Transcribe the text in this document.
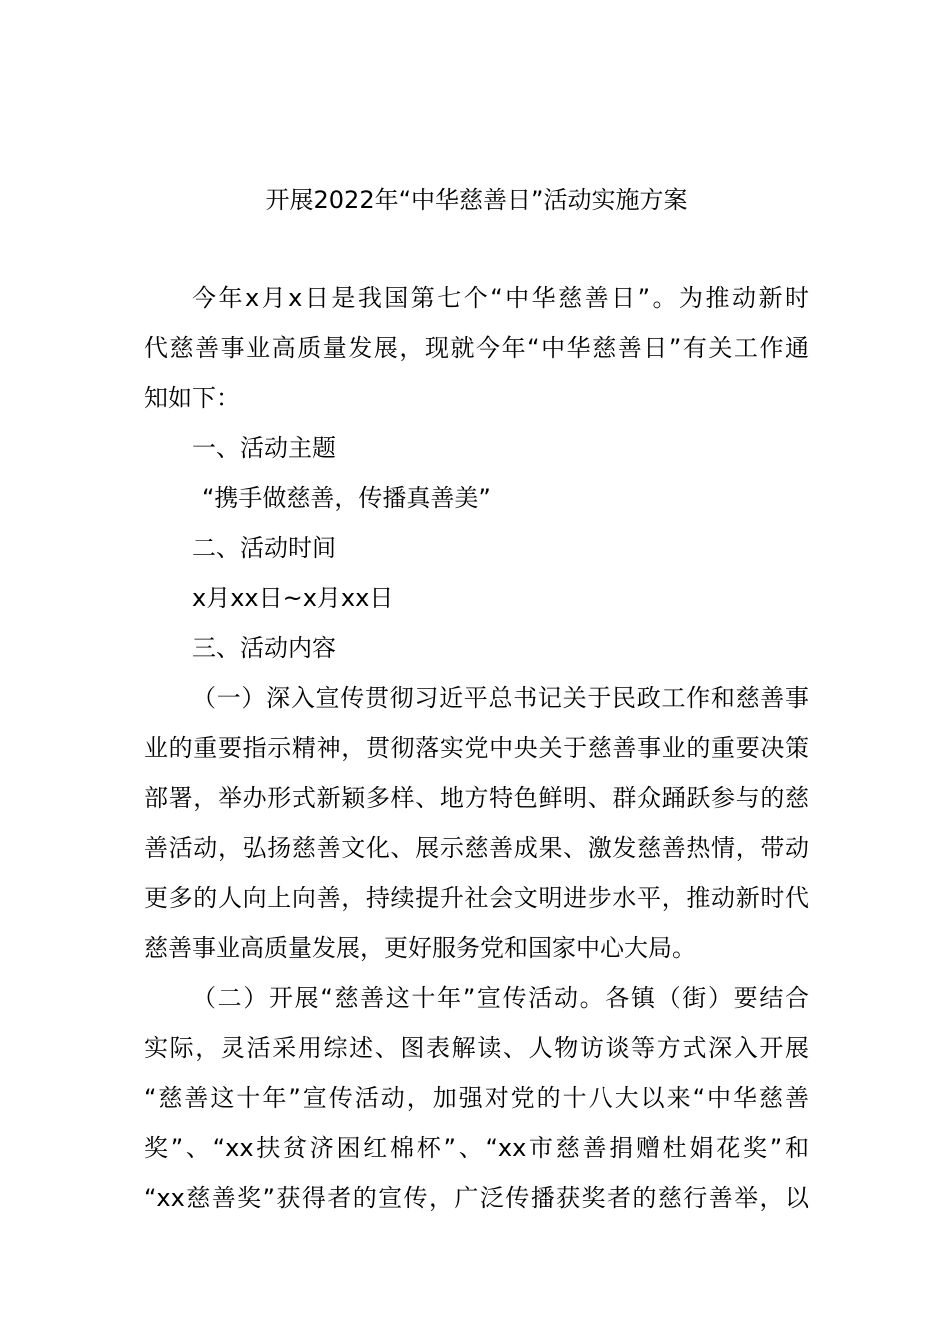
开展2022年“中华慈善日”活动实施方案
今年x月x日是我国第七个“中华慈善日”。为推动新时
代慈善事业高质量发展，现就今年“中华慈善日”有关工作通
知如下：
一、活动主题
“携手做慈善，传播真善美”
二、活动时间
x月xx日~x月xx日
三、活动内容
（一）深入宣传贯彻习近平总书记关于民政工作和慈善事
业的重要指示精神，贯彻落实党中央关于慈善事业的重要决策
部署，举办形式新颖多样、地方特色鲜明、群众踊跃参与的慈
善活动，弘扬慈善文化、展示慈善成果、激发慈善热情，带动
更多的人向上向善，持续提升社会文明进步水平，推动新时代
慈善事业高质量发展，更好服务党和国家中心大局。
（二）开展“慈善这十年”宣传活动。各镇（街）要结合
实际，灵活采用综述、图表解读、人物访谈等方式深入开展
“慈善这十年”宣传活动，加强对党的十八大以来“中华慈善
奖”、“xx扶贫济困红棉杯”、“xx市慈善捐赠杜娟花奖”和
“xx慈善奖”获得者的宣传，广泛传播获奖者的慈行善举，以
